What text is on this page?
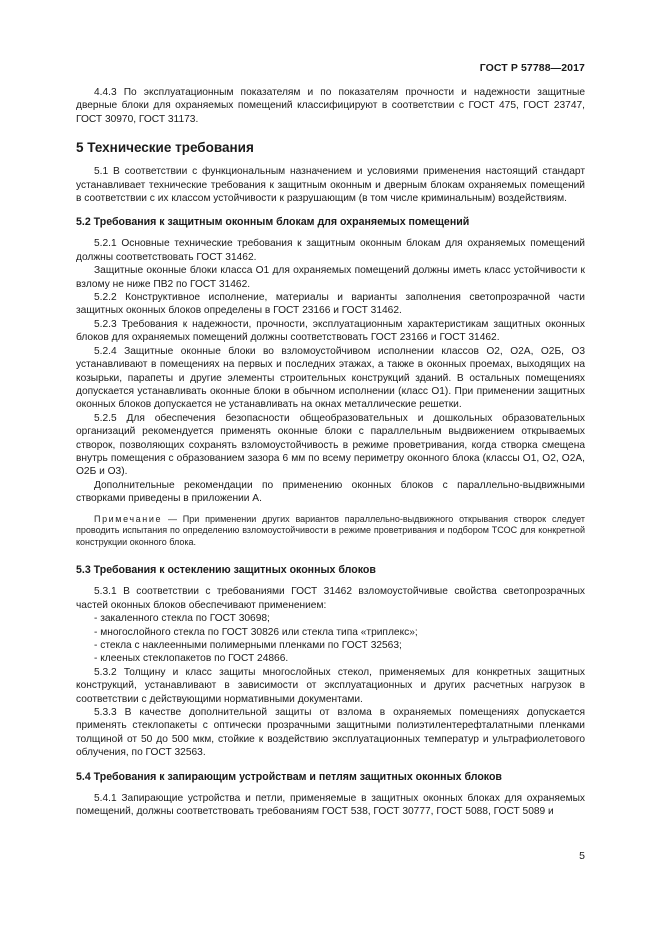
ГОСТ Р 57788—2017

4.4.3 По эксплуатационным показателям и по показателям прочности и надежности защитные дверные блоки для охраняемых помещений классифицируют в соответствии с ГОСТ 475, ГОСТ 23747, ГОСТ 30970, ГОСТ 31173.

5 Технические требования

5.1 В соответствии с функциональным назначением и условиями применения настоящий стандарт устанавливает технические требования к защитным оконным и дверным блокам охраняемых помещений в соответствии с их классом устойчивости к разрушающим (в том числе криминальным) воздействиям.

5.2 Требования к защитным оконным блокам для охраняемых помещений

5.2.1 Основные технические требования к защитным оконным блокам для охраняемых помещений должны соответствовать ГОСТ 31462.

Защитные оконные блоки класса О1 для охраняемых помещений должны иметь класс устойчивости к взлому не ниже ПВ2 по ГОСТ 31462.

5.2.2 Конструктивное исполнение, материалы и варианты заполнения светопрозрачной части защитных оконных блоков определены в ГОСТ 23166 и ГОСТ 31462.

5.2.3 Требования к надежности, прочности, эксплуатационным характеристикам защитных оконных блоков для охраняемых помещений должны соответствовать ГОСТ 23166 и ГОСТ 31462.

5.2.4 Защитные оконные блоки во взломоустойчивом исполнении классов О2, О2А, О2Б, О3 устанавливают в помещениях на первых и последних этажах, а также в оконных проемах, выходящих на козырьки, парапеты и другие элементы строительных конструкций зданий. В остальных помещениях допускается устанавливать оконные блоки в обычном исполнении (класс О1). При применении защитных оконных блоков допускается не устанавливать на окнах металлические решетки.

5.2.5 Для обеспечения безопасности общеобразовательных и дошкольных образовательных организаций рекомендуется применять оконные блоки с параллельным выдвижением открываемых створок, позволяющих сохранять взломоустойчивость в режиме проветривания, когда створка смещена внутрь помещения с образованием зазора 6 мм по всему периметру оконного блока (классы О1, О2, О2А, О2Б и О3).

Дополнительные рекомендации по применению оконных блоков с параллельно-выдвижными створками приведены в приложении А.

Примечание — При применении других вариантов параллельно-выдвижного открывания створок следует проводить испытания по определению взломоустойчивости в режиме проветривания и подбором ТСОС для конкретной конструкции оконного блока.

5.3 Требования к остеклению защитных оконных блоков

5.3.1 В соответствии с требованиями ГОСТ 31462 взломоустойчивые свойства светопрозрачных частей оконных блоков обеспечивают применением:

- закаленного стекла по ГОСТ 30698;

- многослойного стекла по ГОСТ 30826 или стекла типа «триплекс»;

- стекла с наклеенными полимерными пленками по ГОСТ 32563;

- клееных стеклопакетов по ГОСТ 24866.

5.3.2 Толщину и класс защиты многослойных стекол, применяемых для конкретных защитных конструкций, устанавливают в зависимости от эксплуатационных и других расчетных нагрузок в соответствии с действующими нормативными документами.

5.3.3 В качестве дополнительной защиты от взлома в охраняемых помещениях допускается применять стеклопакеты с оптически прозрачными защитными полиэтилентерефталатными пленками толщиной от 50 до 500 мкм, стойкие к воздействию эксплуатационных температур и ультрафиолетового облучения, по ГОСТ 32563.

5.4 Требования к запирающим устройствам и петлям защитных оконных блоков

5.4.1 Запирающие устройства и петли, применяемые в защитных оконных блоках для охраняемых помещений, должны соответствовать требованиям ГОСТ 538, ГОСТ 30777, ГОСТ 5088, ГОСТ 5089 и

5
